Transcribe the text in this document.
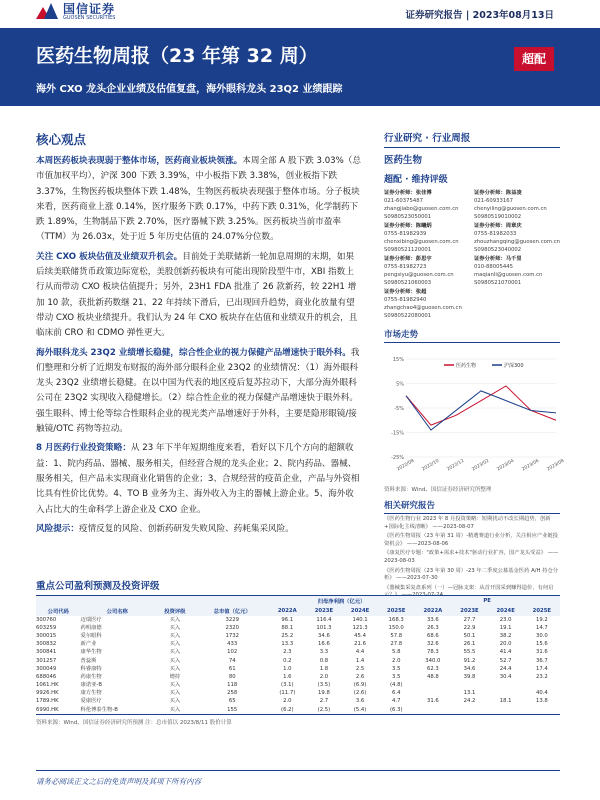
国信证券
GUOSEN SECURITIES	证券研究报告 | 2023年08月13日
医药生物周报（23 年第 32 周）
海外 CXO 龙头企业业绩及估值复盘，海外眼科龙头 23Q2 业绩跟踪
超配
核心观点
本周医药板块表现弱于整体市场，医药商业板块领涨。本周全部 A 股下跌 3.03%（总市值加权平均），沪深 300 下跌 3.39%，中小板指下跌 3.38%，创业板指下跌 3.37%，生物医药板块整体下跌 1.48%，生物医药板块表现强于整体市场。分子板块来看，医药商业上涨 0.14%，医疗服务下跌 0.17%，中药下跌 0.31%，化学制药下跌 1.89%，生物制品下跌 2.70%，医疗器械下跌 3.25%。医药板块当前市盈率（TTM）为 26.03x，处于近 5 年历史估值的 24.07%分位数。
关注 CXO 板块估值及业绩双升机会。目前处于美联储新一轮加息周期的末期，如果后续美联储货币政策边际宽松，美股创新药板块有可能出现阶段型牛市，XBI 指数上行从而带动 CXO 板块估值提升；另外，23H1 FDA 批准了 26 款新药，较 22H1 增加 10 款，获批新药数继 21、22 年持续下滑后，已出现回升趋势，商业化放量有望带动 CXO 板块业绩提升。我们认为 24 年 CXO 板块存在估值和业绩双升的机会，且临床前 CRO 和 CDMO 弹性更大。
海外眼科龙头 23Q2 业绩增长稳健，综合性企业的视力保健产品增速快于眼外科。我们整理和分析了近期发布财报的海外部分眼科企业 23Q2 的业绩情况：（1）海外眼科龙头 23Q2 业绩增长稳健。在以中国为代表的地区疫后复苏拉动下，大部分海外眼科公司在 23Q2 实现收入稳健增长。（2）综合性企业的视力保健产品增速快于眼外科。强生眼科、博士伦等综合性眼科企业的视光类产品增速好于外科，主要是隐形眼镜/接触镜/OTC 药物等拉动。
8 月医药行业投资策略：从 23 年下半年短期维度来看，看好以下几个方向的超额收益：1、院内药品、器械、服务相关，但经营合规的龙头企业；2、院内药品、器械、服务相关，但产品未实现商业化销售的企业；3、合规经营的疫苗企业，产品与外资相比具有性价比优势。4、TO B 业务为主、海外收入为主的器械上游企业。5、海外收入占比大的生命科学上游企业及 CXO 企业。
风险提示：疫情反复的风险、创新药研发失败风险、药耗集采风险。
行业研究 · 行业周报
医药生物
超配 · 维持评级
证券分析师：张佳博
021-60375487
zhangjiabo@guosen.com.cn
S0980523050001
证券分析师：陈益凌
021-60933167
chenyiling@guosen.com.cn
S0980519010002
证券分析师：陈曦炳
0755-81982939
chenxibing@guosen.com.cn
S0980521120001
证券分析师：周章庆
0755-81982033
zhouzhangqing@guosen.com.cn
S0980523040002
证券分析师：彭思宇
0755-81982723
pengsiyu@guosen.com.cn
S0980521060003
证券分析师：马千里
010-88005445
maqianli@guosen.com.cn
S0980521070001
证券分析师：张超
0755-81982940
zhangchao4@guosen.com.cn
S0980522080001
市场走势
15%
5%
-5%
-15%
-25%
2022/08 2022/10 2022/12 2023/02 2023/04 2023/06 2023/08
医药生物	沪深300
资料来源：Wind、国信证券经济研究所整理
相关研究报告
《医药生物行业 2023 年 8 月投资策略：短期扰动不改长期趋势，创新+国际化主线清晰》 ——2023-08-07
《医药生物周报（23 年第 31 周）-精選赛道行业分析，关注相应产业链投资机会》 ——2023-08-06
《康复医疗专题："政策+需求+技术"驱动行业扩容，国产龙头受益》 ——2023-08-03
《医药生物周报（23 年第 30 周）-23 年二季度公募基金医药 A/H 持仓分析》 ——2023-07-30
《器械集采复盘系列（一）—冠脉支架：从首开国采到赚得造价，有何启
重点公司盈利预测及投资评级
				归母净利润（亿元）				PE			
公司代码	公司名称	投资评级	总市值（亿元）	2022A	2023E	2024E	2025E	2022A	2023E	2024E	2025E
300760	迈瑞医疗	买入	3229	96.1	116.4	140.1	168.3	33.6	27.7	23.0	19.2
603259	药明康德	买入	2320	88.1	101.3	121.3	150.0	26.3	22.9	19.1	14.7
300015	爱尔眼科	买入	1732	25.2	34.6	45.4	57.8	68.6	50.1	38.2	30.0
300832	新产业	买入	433	13.3	16.6	21.6	27.8	32.6	26.1	20.0	15.6
300841	康华生物	买入	102	2.3	3.3	4.4	5.8	78.3	55.5	41.4	31.6
301257	普蕊斯	买入	74	0.2	0.8	1.4	2.0	340.0	91.2	52.7	36.7
300049	科睿康特	买入	61	1.0	1.8	2.5	3.5	62.3	34.6	24.4	17.4
688046	药康生物	增持	80	1.6	2.0	2.6	3.5	48.8	39.8	30.4	23.2
1061.HK	康诺亚-B	买入	118	(3.1)	(3.5)	(6.9)	(4.8)				
9926.HK	康方生物	买入	258	(11.7)	19.8	(2.6)	6.4		13.1		40.4
1789.HK	爱康医疗	买入	65	2.0	2.7	3.6	4.7	31.6	24.2	18.1	13.8
6990.HK	科伦博泰生物-B	买入	155	(6.2)	(2.5)	(5.4)	(6.3)				
资料来源：Wind、国信证券经济研究所预测 注：总市值以 2023/8/11 股价计算
请务必阅读正文之后的免责声明及其项下所有内容
